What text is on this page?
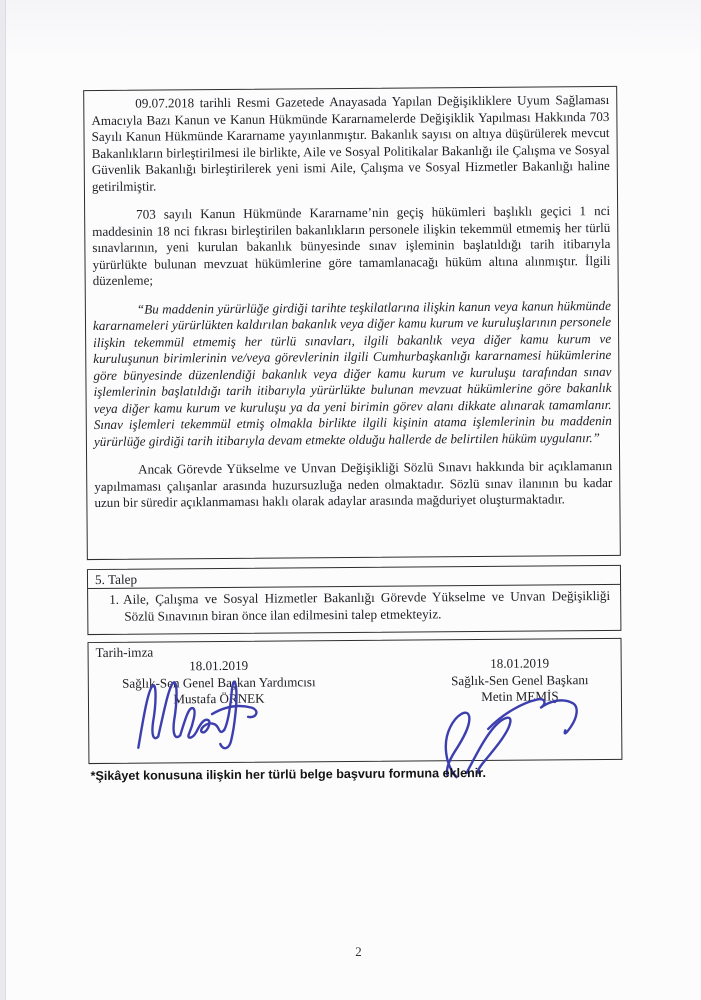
09.07.2018 tarihli Resmi Gazetede Anayasada Yapılan Değişikliklere Uyum Sağlaması Amacıyla Bazı Kanun ve Kanun Hükmünde Kararnamelerde Değişiklik Yapılması Hakkında 703 Sayılı Kanun Hükmünde Kararname yayınlanmıştır. Bakanlık sayısı on altıya düşürülerek mevcut Bakanlıkların birleştirilmesi ile birlikte, Aile ve Sosyal Politikalar Bakanlığı ile Çalışma ve Sosyal Güvenlik Bakanlığı birleştirilerek yeni ismi Aile, Çalışma ve Sosyal Hizmetler Bakanlığı haline getirilmiştir.

703 sayılı Kanun Hükmünde Kararname’nin geçiş hükümleri başlıklı geçici 1 nci maddesinin 18 nci fıkrası birleştirilen bakanlıkların personele ilişkin tekemmül etmemiş her türlü sınavlarının, yeni kurulan bakanlık bünyesinde sınav işleminin başlatıldığı tarih itibarıyla yürürlükte bulunan mevzuat hükümlerine göre tamamlanacağı hüküm altına alınmıştır. İlgili düzenleme;

“Bu maddenin yürürlüğe girdiği tarihte teşkilatlarına ilişkin kanun veya kanun hükmünde kararnameleri yürürlükten kaldırılan bakanlık veya diğer kamu kurum ve kuruluşlarının personele ilişkin tekemmül etmemiş her türlü sınavları, ilgili bakanlık veya diğer kamu kurum ve kuruluşunun birimlerinin ve/veya görevlerinin ilgili Cumhurbaşkanlığı kararnamesi hükümlerine göre bünyesinde düzenlendiği bakanlık veya diğer kamu kurum ve kuruluşu tarafından sınav işlemlerinin başlatıldığı tarih itibarıyla yürürlükte bulunan mevzuat hükümlerine göre bakanlık veya diğer kamu kurum ve kuruluşu ya da yeni birimin görev alanı dikkate alınarak tamamlanır. Sınav işlemleri tekemmül etmiş olmakla birlikte ilgili kişinin atama işlemlerinin bu maddenin yürürlüğe girdiği tarih itibarıyla devam etmekte olduğu hallerde de belirtilen hüküm uygulanır.”

Ancak Görevde Yükselme ve Unvan Değişikliği Sözlü Sınavı hakkında bir açıklamanın yapılmaması çalışanlar arasında huzursuzluğa neden olmaktadır. Sözlü sınav ilanının bu kadar uzun bir süredir açıklanmaması haklı olarak adaylar arasında mağduriyet oluşturmaktadır.

5. Talep
1. Aile, Çalışma ve Sosyal Hizmetler Bakanlığı Görevde Yükselme ve Unvan Değişikliği Sözlü Sınavının biran önce ilan edilmesini talep etmekteyiz.
Tarih-imza
18.01.2019
Sağlık-Sen Genel Başkan Yardımcısı
Mustafa ÖRNEK
18.01.2019
Sağlık-Sen Genel Başkanı
Metin MEMİŞ
*Şikâyet konusuna ilişkin her türlü belge başvuru formuna eklenir.
2
